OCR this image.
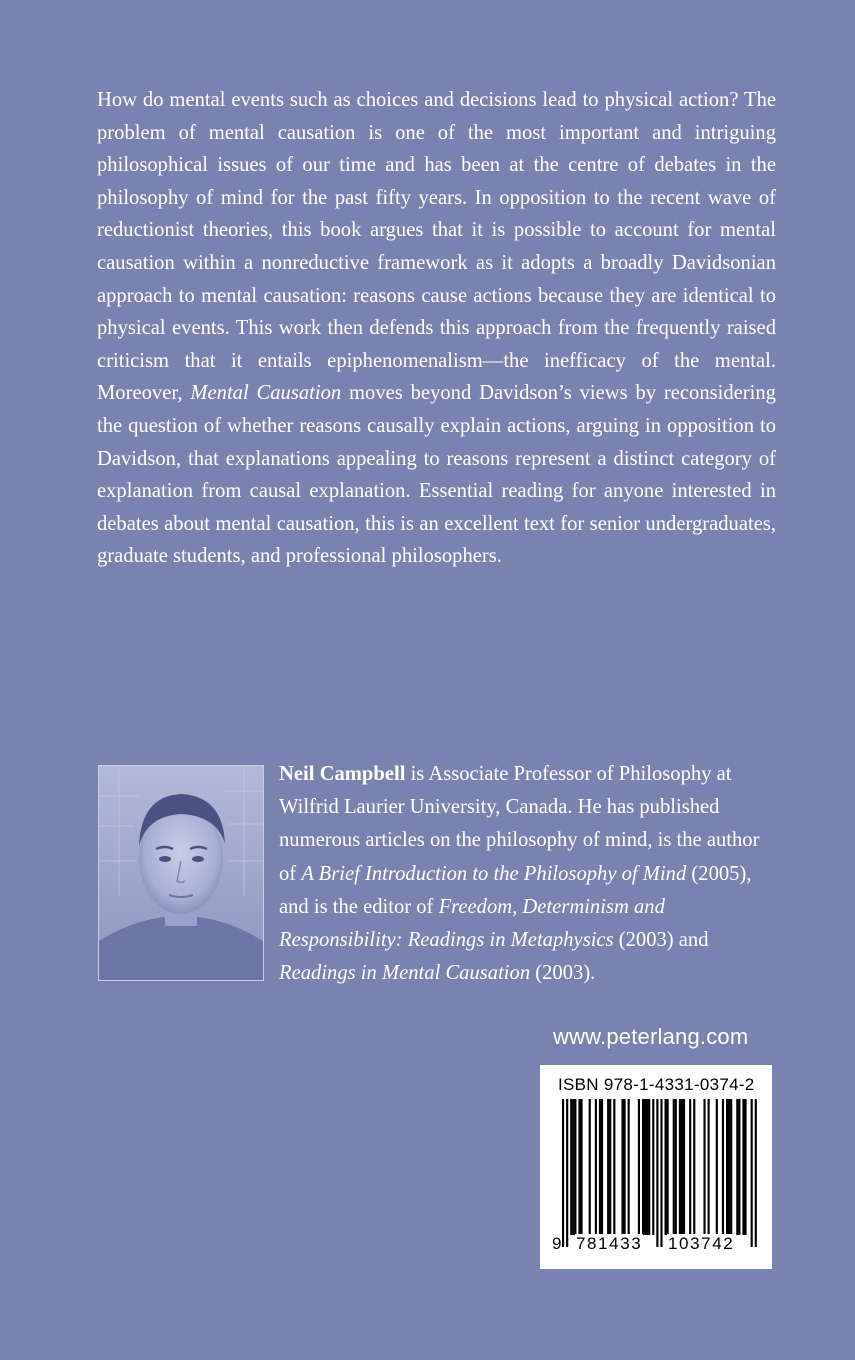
How do mental events such as choices and decisions lead to physical action? The problem of mental causation is one of the most important and intriguing philosophical issues of our time and has been at the centre of debates in the philosophy of mind for the past fifty years. In opposition to the recent wave of reductionist theories, this book argues that it is possible to account for mental causation within a nonreductive framework as it adopts a broadly Davidsonian approach to mental causation: reasons cause actions because they are identical to physical events. This work then defends this approach from the frequently raised criticism that it entails epiphenomenalism—the inefficacy of the mental. Moreover, Mental Causation moves beyond Davidson’s views by reconsidering the question of whether reasons causally explain actions, arguing in opposition to Davidson, that explanations appealing to reasons represent a distinct category of explanation from causal explanation. Essential reading for anyone interested in debates about mental causation, this is an excellent text for senior undergraduates, graduate students, and professional philosophers.

Neil Campbell is Associate Professor of Philosophy at Wilfrid Laurier University, Canada. He has published numerous articles on the philosophy of mind, is the author of A Brief Introduction to the Philosophy of Mind (2005), and is the editor of Freedom, Determinism and Responsibility: Readings in Metaphysics (2003) and Readings in Mental Causation (2003).

www.peterlang.com
ISBN 978-1-4331-0374-2
9 781433 103742
